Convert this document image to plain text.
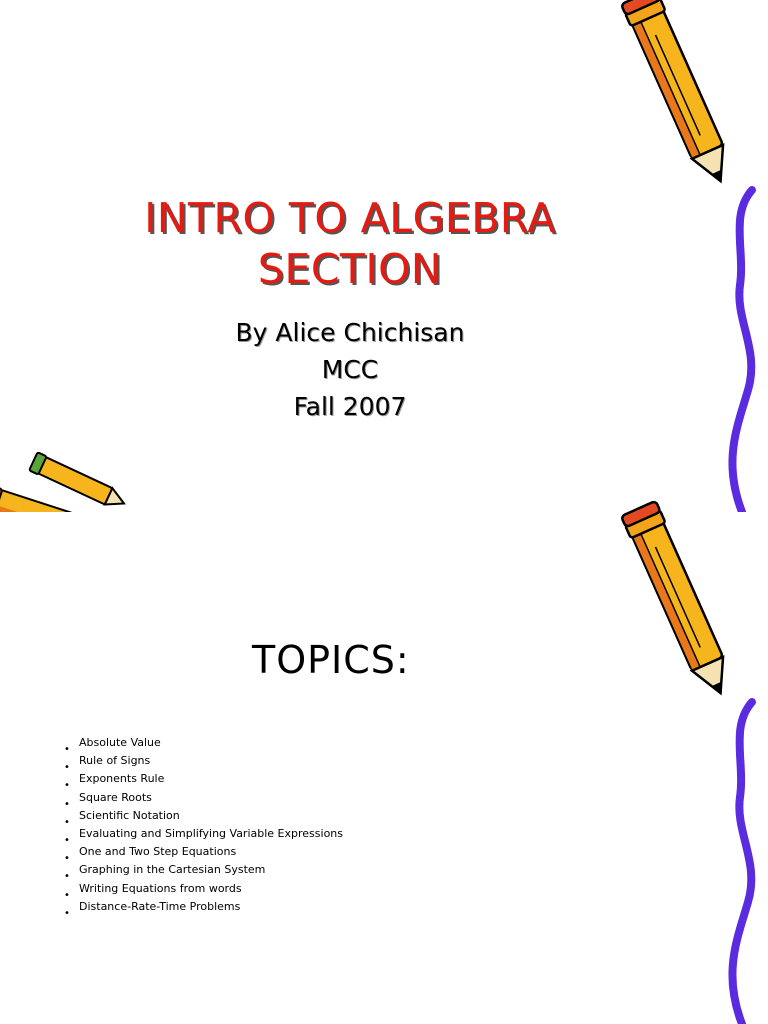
INTRO TO ALGEBRA
SECTION
By Alice Chichisan
MCC
Fall 2007
TOPICS:
•
Absolute Value
•
Rule of Signs
•
Exponents Rule
•
Square Roots
•
Scientific Notation
•
Evaluating and Simplifying Variable Expressions
•
One and Two Step Equations
•
Graphing in the Cartesian System
•
Writing Equations from words
•
Distance-Rate-Time Problems
